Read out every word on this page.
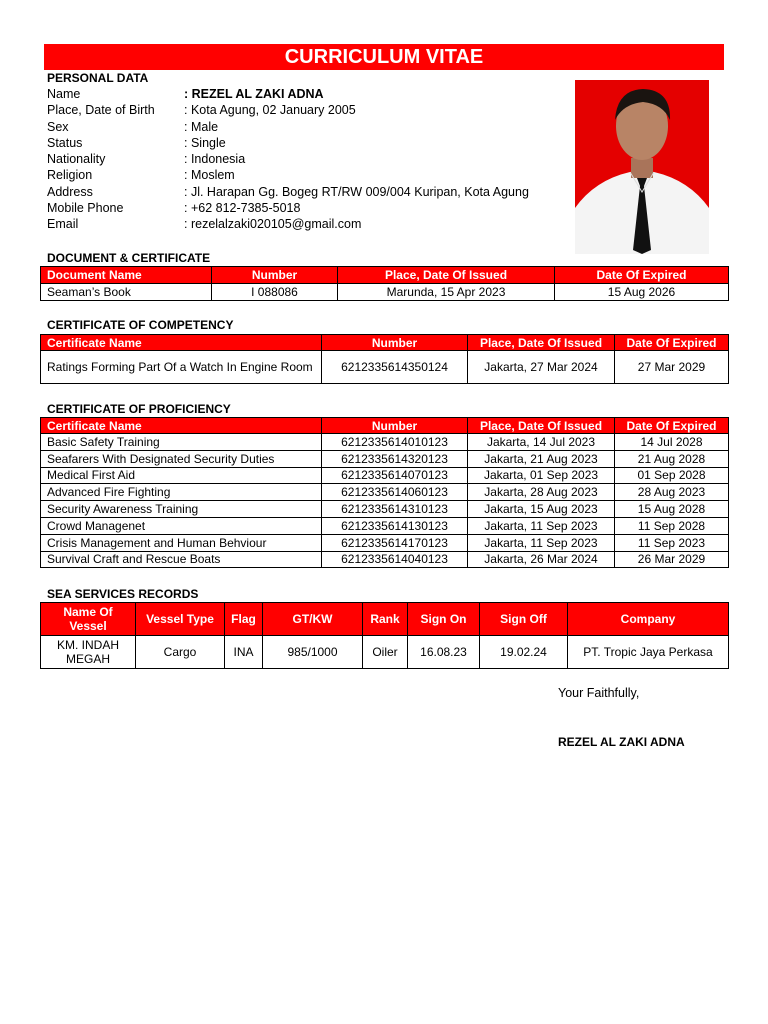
CURRICULUM VITAE
PERSONAL DATA
Name	: REZEL AL ZAKI ADNA
Place, Date of Birth	: Kota Agung, 02 January 2005
Sex	: Male
Status	: Single
Nationality	: Indonesia
Religion	: Moslem
Address	: Jl. Harapan Gg. Bogeg RT/RW 009/004 Kuripan, Kota Agung
Mobile Phone	: +62 812-7385-5018
Email	: rezelalzaki020105@gmail.com
DOCUMENT & CERTIFICATE
Document Name	Number	Place, Date Of Issued	Date Of Expired
Seaman’s Book	I 088086	Marunda, 15 Apr 2023	15 Aug 2026
CERTIFICATE OF COMPETENCY
Certificate Name	Number	Place, Date Of Issued	Date Of Expired
Ratings Forming Part Of a Watch In Engine Room	6212335614350124	Jakarta, 27 Mar 2024	27 Mar 2029
CERTIFICATE OF PROFICIENCY
Certificate Name	Number	Place, Date Of Issued	Date Of Expired
Basic Safety Training	6212335614010123	Jakarta, 14 Jul 2023	14 Jul 2028
Seafarers With Designated Security Duties	6212335614320123	Jakarta, 21 Aug 2023	21 Aug 2028
Medical First Aid	6212335614070123	Jakarta, 01 Sep 2023	01 Sep 2028
Advanced Fire Fighting	6212335614060123	Jakarta, 28 Aug 2023	28 Aug 2023
Security Awareness Training	6212335614310123	Jakarta, 15 Aug 2023	15 Aug 2028
Crowd Managenet	6212335614130123	Jakarta, 11 Sep 2023	11 Sep 2028
Crisis Management and Human Behviour	6212335614170123	Jakarta, 11 Sep 2023	11 Sep 2023
Survival Craft and Rescue Boats	6212335614040123	Jakarta, 26 Mar 2024	26 Mar 2029
SEA SERVICES RECORDS
Name Of Vessel	Vessel Type	Flag	GT/KW	Rank	Sign On	Sign Off	Company
KM. INDAH MEGAH	Cargo	INA	985/1000	Oiler	16.08.23	19.02.24	PT. Tropic Jaya Perkasa
Your Faithfully,
REZEL AL ZAKI ADNA
